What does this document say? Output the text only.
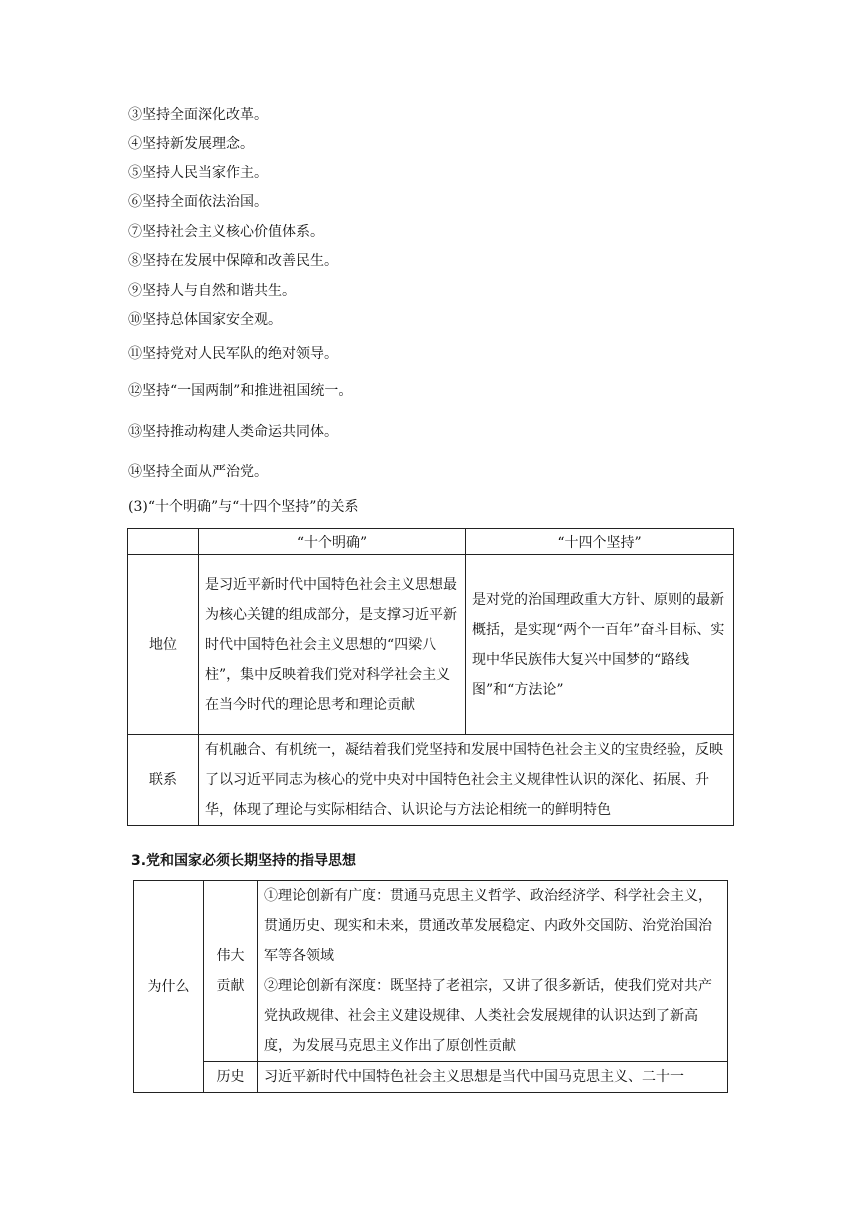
③坚持全面深化改革。
④坚持新发展理念。
⑤坚持人民当家作主。
⑥坚持全面依法治国。
⑦坚持社会主义核心价值体系。
⑧坚持在发展中保障和改善民生。
⑨坚持人与自然和谐共生。
⑩坚持总体国家安全观。
⑪坚持党对人民军队的绝对领导。
⑫坚持“一国两制”和推进祖国统一。
⑬坚持推动构建人类命运共同体。
⑭坚持全面从严治党。
(3)“十个明确”与“十四个坚持”的关系
	“十个明确”	“十四个坚持”
地位	是习近平新时代中国特色社会主义思想最为核心关键的组成部分，是支撑习近平新时代中国特色社会主义思想的“四梁八柱”，集中反映着我们党对科学社会主义在当今时代的理论思考和理论贡献	是对党的治国理政重大方针、原则的最新概括，是实现“两个一百年”奋斗目标、实现中华民族伟大复兴中国梦的“路线图”和“方法论”
联系	有机融合、有机统一，凝结着我们党坚持和发展中国特色社会主义的宝贵经验，反映了以习近平同志为核心的党中央对中国特色社会主义规律性认识的深化、拓展、升华，体现了理论与实际相结合、认识论与方法论相统一的鲜明特色	
3.党和国家必须长期坚持的指导思想
为什么	伟大贡献	①理论创新有广度：贯通马克思主义哲学、政治经济学、科学社会主义，贯通历史、现实和未来，贯通改革发展稳定、内政外交国防、治党治国治军等各领域
②理论创新有深度：既坚持了老祖宗，又讲了很多新话，使我们党对共产党执政规律、社会主义建设规律、人类社会发展规律的认识达到了新高度，为发展马克思主义作出了原创性贡献

	历史	习近平新时代中国特色社会主义思想是当代中国马克思主义、二十一
